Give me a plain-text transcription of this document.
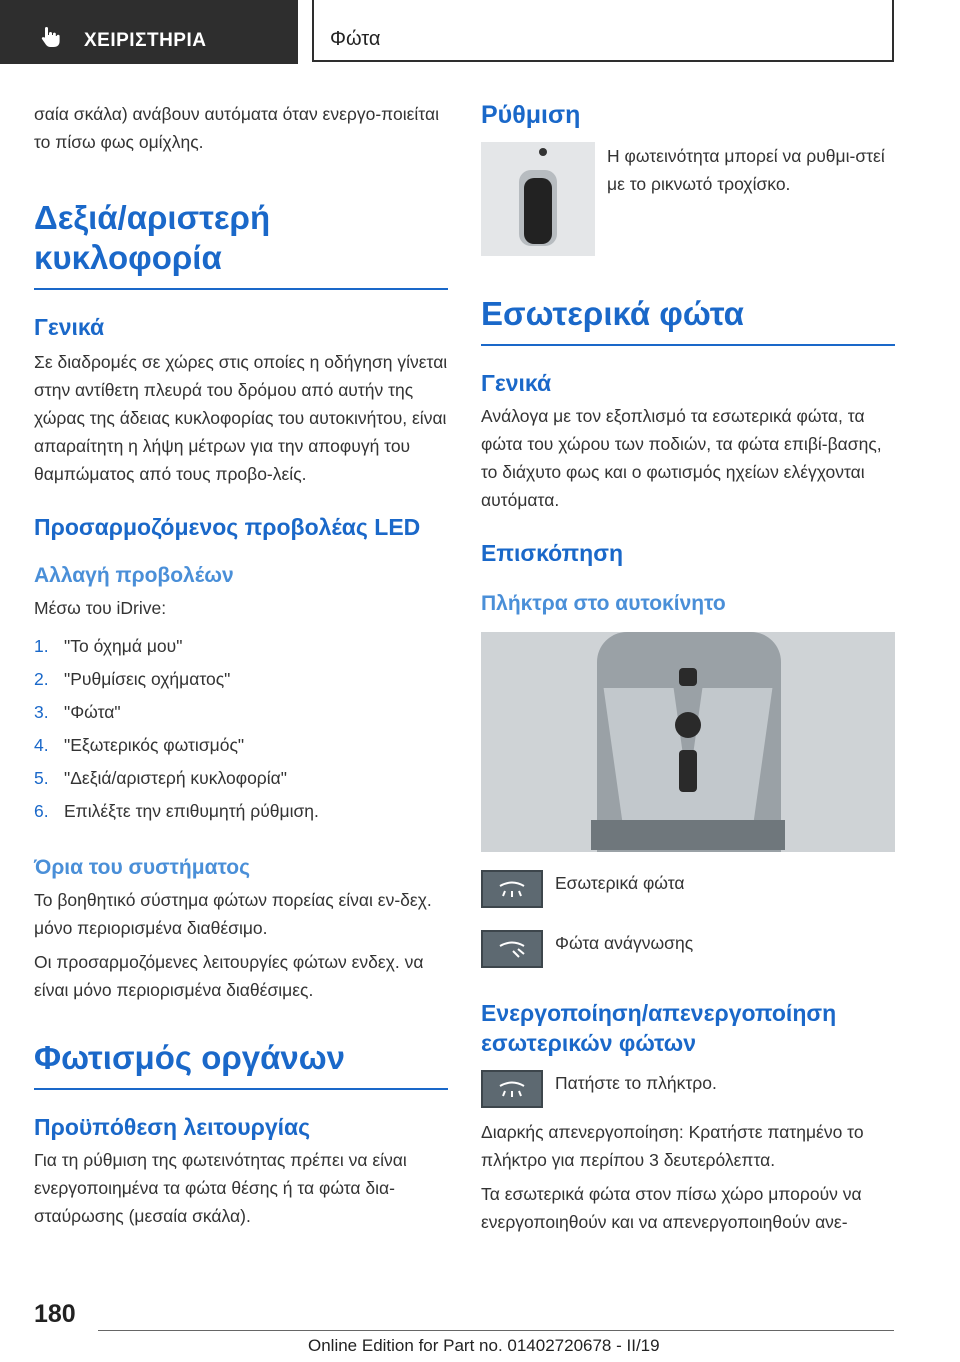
ΧΕΙΡΙΣΤΗΡΙΑ	Φώτα

σαία σκάλα) ανάβουν αυτόματα όταν ενεργο-ποιείται το πίσω φως ομίχλης.

Δεξιά/αριστερή κυκλοφορία
Γενικά

Σε διαδρομές σε χώρες στις οποίες η οδήγηση γίνεται στην αντίθετη πλευρά του δρόμου από αυτήν της χώρας της άδειας κυκλοφορίας του αυτοκινήτου, είναι απαραίτητη η λήψη μέτρων για την αποφυγή του θαμπώματος από τους προβο-λείς.

Προσαρμοζόμενος προβολέας LED
Αλλαγή προβολέων

Μέσω του iDrive:

1. "Το όχημά μου"
2. "Ρυθμίσεις οχήματος"
3. "Φώτα"
4. "Εξωτερικός φωτισμός"
5. "Δεξιά/αριστερή κυκλοφορία"
6. Επιλέξτε την επιθυμητή ρύθμιση.
Όρια του συστήματος

Το βοηθητικό σύστημα φώτων πορείας είναι εν-δεχ. μόνο περιορισμένα διαθέσιμο.

Οι προσαρμοζόμενες λειτουργίες φώτων ενδεχ. να είναι μόνο περιορισμένα διαθέσιμες.

Φωτισμός οργάνων
Προϋπόθεση λειτουργίας

Για τη ρύθμιση της φωτεινότητας πρέπει να είναι ενεργοποιημένα τα φώτα θέσης ή τα φώτα δια-σταύρωσης (μεσαία σκάλα).

Ρύθμιση

Η φωτεινότητα μπορεί να ρυθμι-στεί με το ρικνωτό τροχίσκο.

Εσωτερικά φώτα
Γενικά

Ανάλογα με τον εξοπλισμό τα εσωτερικά φώτα, τα φώτα του χώρου των ποδιών, τα φώτα επιβί-βασης, το διάχυτο φως και ο φωτισμός ηχείων ελέγχονται αυτόματα.

Επισκόπηση
Πλήκτρα στο αυτοκίνητο
Εσωτερικά φώτα
Φώτα ανάγνωσης
Ενεργοποίηση/απενεργοποίηση εσωτερικών φώτων
Πατήστε το πλήκτρο.

Διαρκής απενεργοποίηση: Κρατήστε πατημένο το πλήκτρο για περίπου 3 δευτερόλεπτα.

Τα εσωτερικά φώτα στον πίσω χώρο μπορούν να ενεργοποιηθούν και να απενεργοποιηθούν ανε-

180
Online Edition for Part no. 01402720678 - II/19
